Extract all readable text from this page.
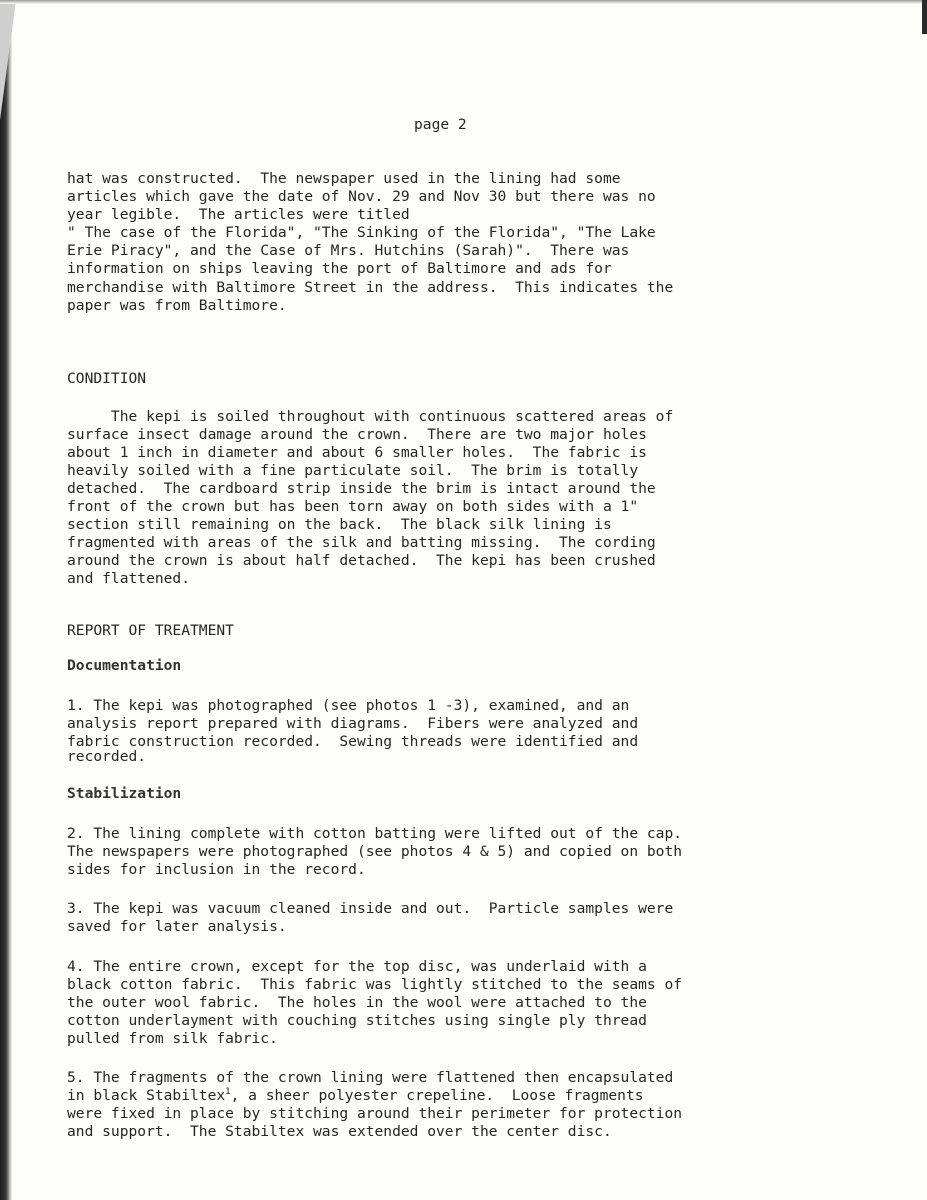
page 2

hat was constructed.  The newspaper used in the lining had some

articles which gave the date of Nov. 29 and Nov 30 but there was no

year legible.  The articles were titled

" The case of the Florida", "The Sinking of the Florida", "The Lake

Erie Piracy", and the Case of Mrs. Hutchins (Sarah)".  There was

information on ships leaving the port of Baltimore and ads for

merchandise with Baltimore Street in the address.  This indicates the

paper was from Baltimore.

CONDITION

The kepi is soiled throughout with continuous scattered areas of

surface insect damage around the crown.  There are two major holes

about 1 inch in diameter and about 6 smaller holes.  The fabric is

heavily soiled with a fine particulate soil.  The brim is totally

detached.  The cardboard strip inside the brim is intact around the

front of the crown but has been torn away on both sides with a 1"

section still remaining on the back.  The black silk lining is

fragmented with areas of the silk and batting missing.  The cording

around the crown is about half detached.  The kepi has been crushed

and flattened.

REPORT OF TREATMENT

Documentation

1. The kepi was photographed (see photos 1 -3), examined, and an

analysis report prepared with diagrams.  Fibers were analyzed and

fabric construction recorded.  Sewing threads were identified and

recorded.

Stabilization

2. The lining complete with cotton batting were lifted out of the cap.

The newspapers were photographed (see photos 4 & 5) and copied on both

sides for inclusion in the record.

3. The kepi was vacuum cleaned inside and out.  Particle samples were

saved for later analysis.

4. The entire crown, except for the top disc, was underlaid with a

black cotton fabric.  This fabric was lightly stitched to the seams of

the outer wool fabric.  The holes in the wool were attached to the

cotton underlayment with couching stitches using single ply thread

pulled from silk fabric.

5. The fragments of the crown lining were flattened then encapsulated

in black Stabiltex$^1$, a sheer polyester crepeline.  Loose fragments

were fixed in place by stitching around their perimeter for protection

and support.  The Stabiltex was extended over the center disc.
